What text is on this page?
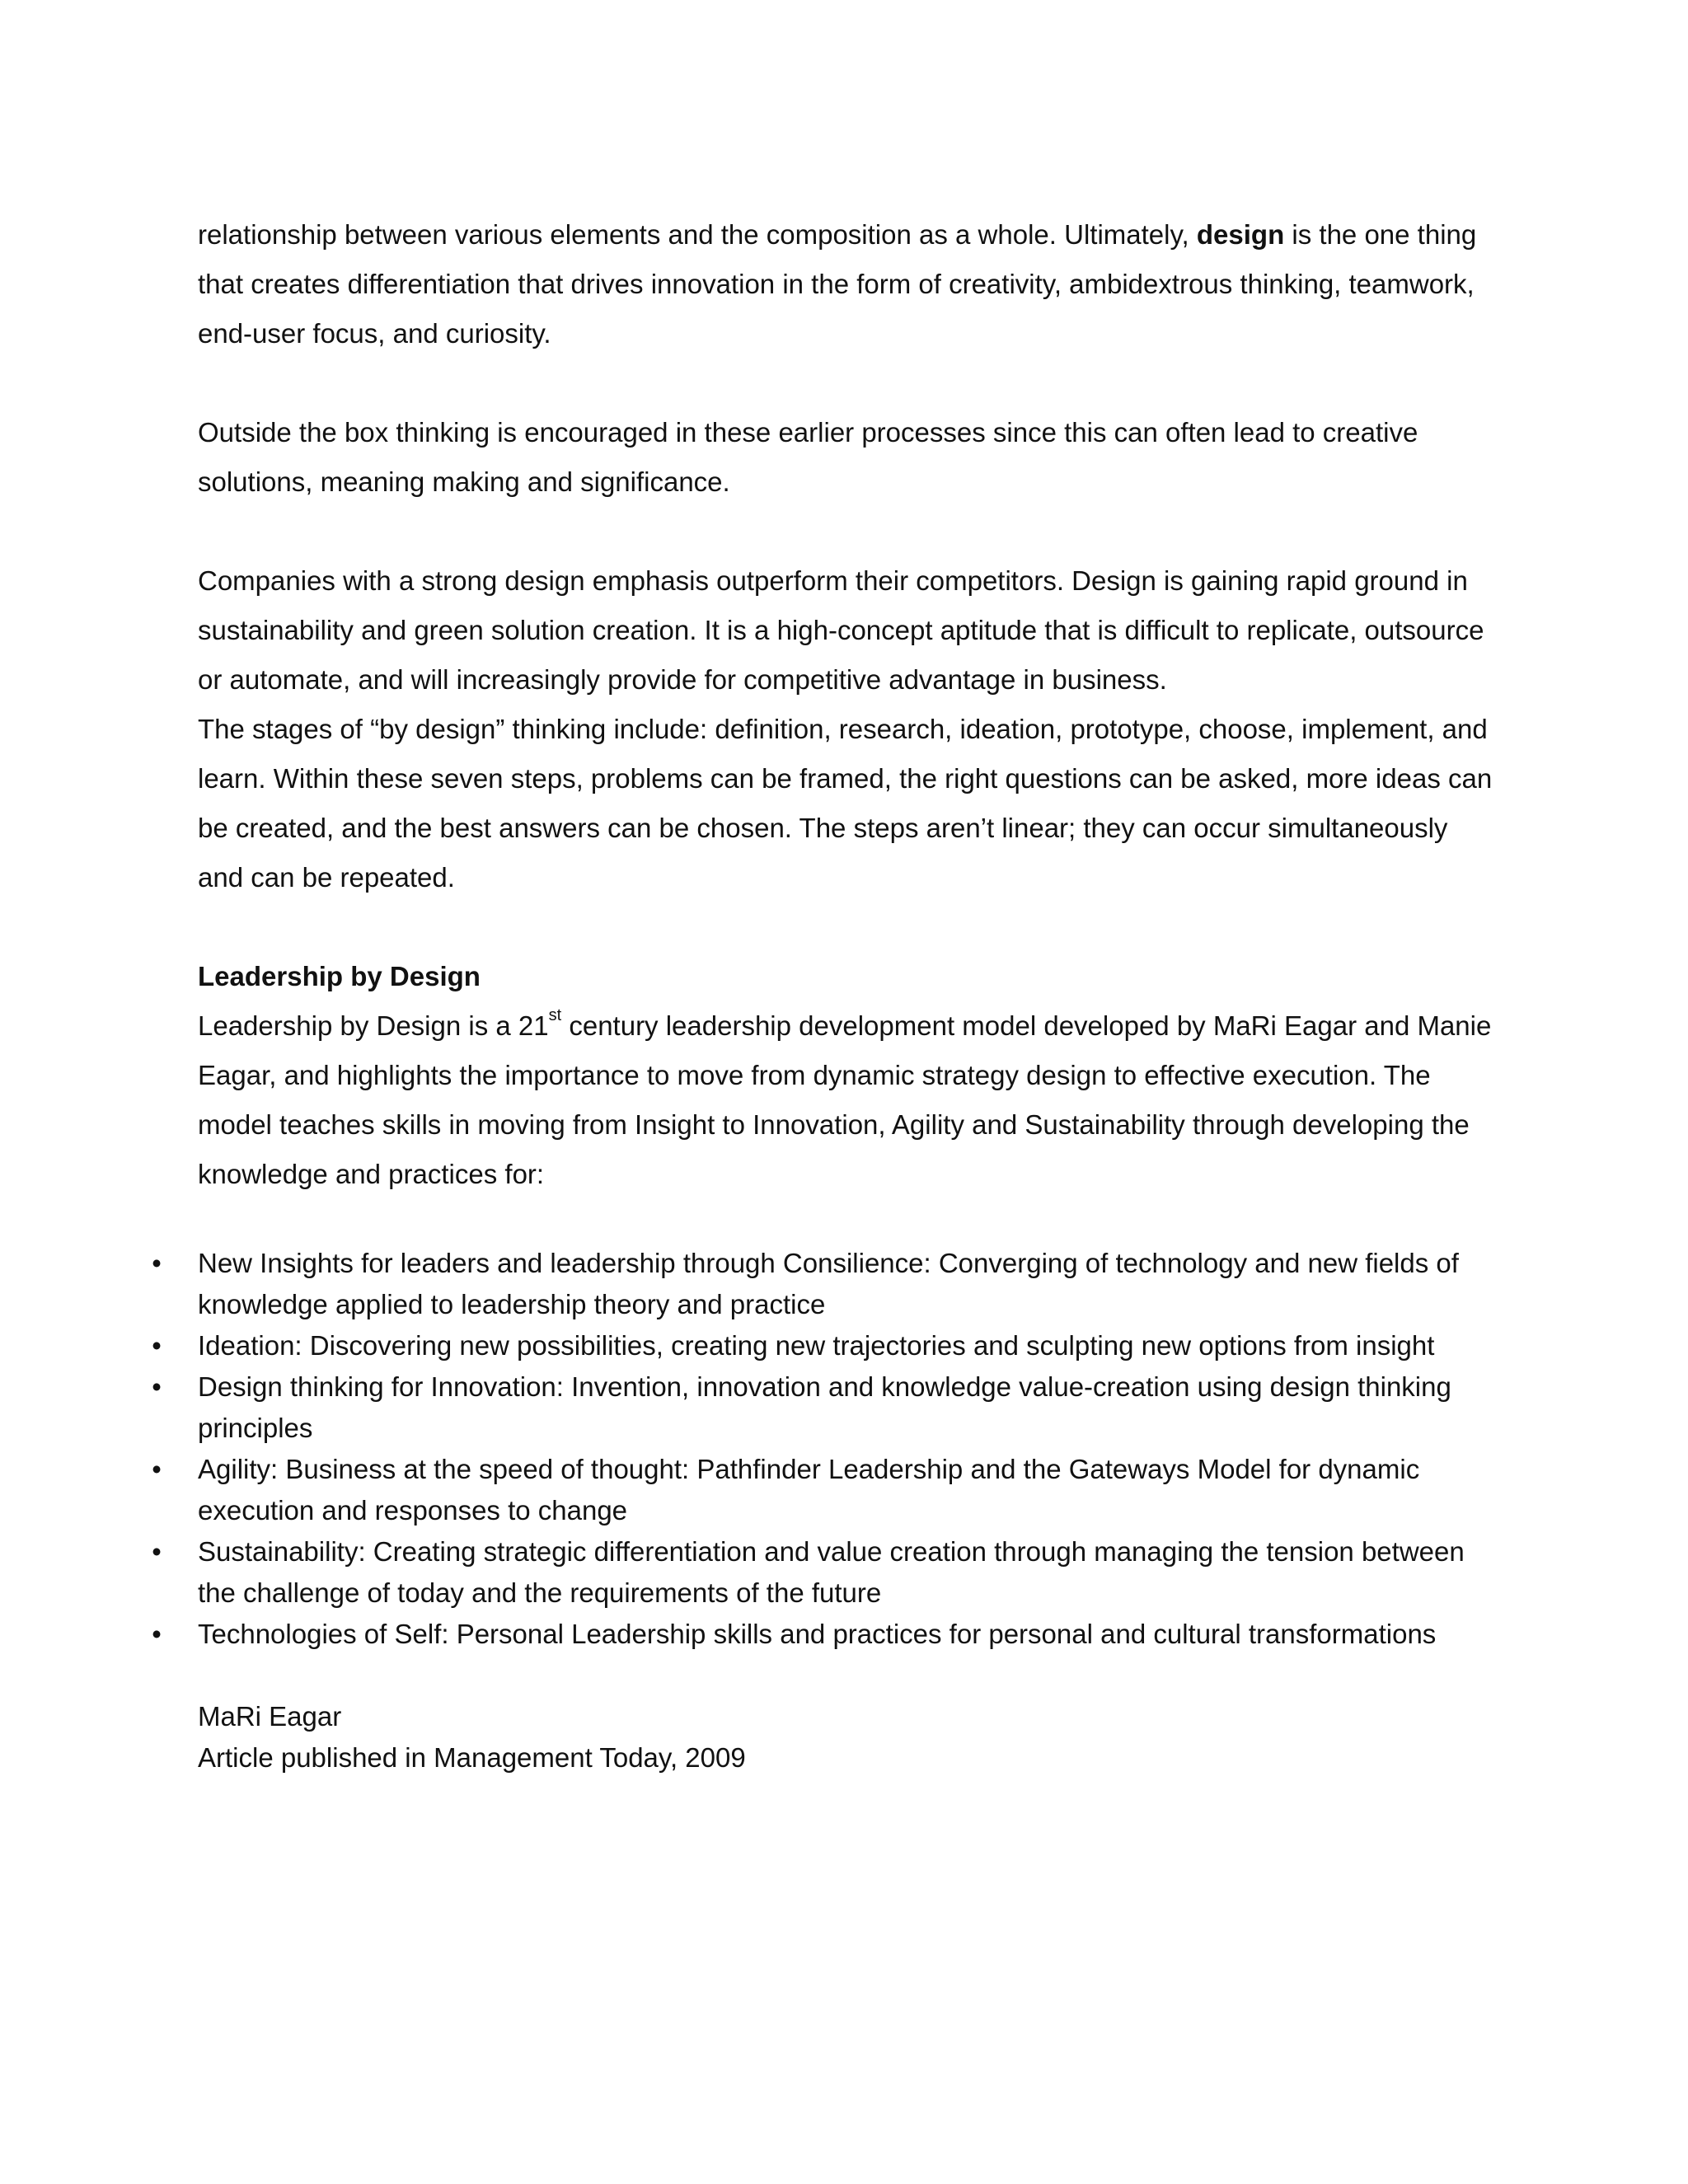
relationship between various elements and the composition as a whole. Ultimately, design is the one thing that creates differentiation that drives innovation in the form of creativity, ambidextrous thinking, teamwork, end-user focus, and curiosity.

Outside the box thinking is encouraged in these earlier processes since this can often lead to creative solutions, meaning making and significance.

Companies with a strong design emphasis outperform their competitors. Design is gaining rapid ground in sustainability and green solution creation. It is a high-concept aptitude that is difficult to replicate, outsource or automate, and will increasingly provide for competitive advantage in business.

The stages of “by design” thinking include: definition, research, ideation, prototype, choose, implement, and learn. Within these seven steps, problems can be framed, the right questions can be asked, more ideas can be created, and the best answers can be chosen. The steps aren’t linear; they can occur simultaneously and can be repeated.

Leadership by Design

Leadership by Design is a 21st century leadership development model developed by MaRi Eagar and Manie Eagar, and highlights the importance to move from dynamic strategy design to effective execution. The model teaches skills in moving from Insight to Innovation, Agility and Sustainability through developing the knowledge and practices for:

• New Insights for leaders and leadership through Consilience: Converging of technology and new fields of knowledge applied to leadership theory and practice
• Ideation: Discovering new possibilities, creating new trajectories and sculpting new options from insight
• Design thinking for Innovation: Invention, innovation and knowledge value-creation using design thinking principles
• Agility: Business at the speed of thought: Pathfinder Leadership and the Gateways Model for dynamic execution and responses to change
• Sustainability: Creating strategic differentiation and value creation through managing the tension between the challenge of today and the requirements of the future
• Technologies of Self: Personal Leadership skills and practices for personal and cultural transformations
MaRi Eagar
Article published in Management Today, 2009
